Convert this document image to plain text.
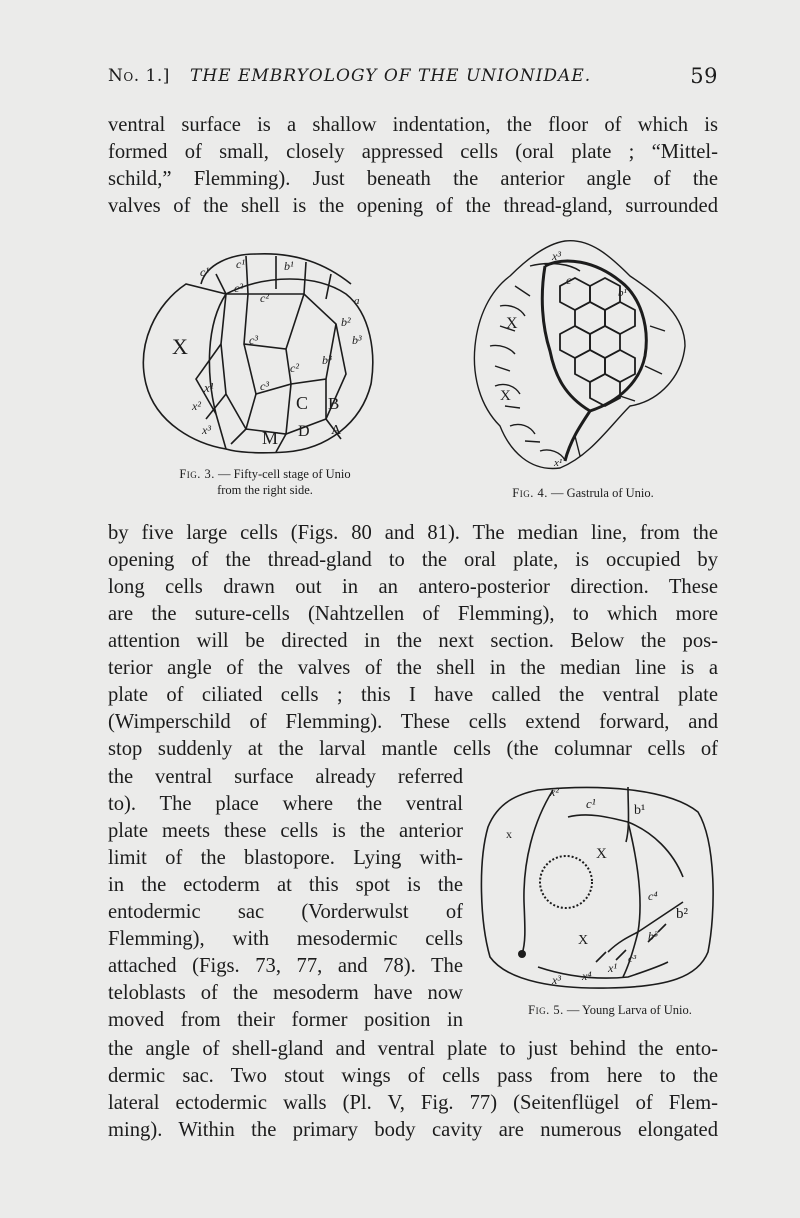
No. 1.] THE EMBRYOLOGY OF THE UNIONIDAE.	59

ventral surface is a shallow indentation, the floor of which is
formed of small, closely appressed cells (oral plate ; “Mittel-
schild,” Flemming). Just beneath the anterior angle of the
valves of the shell is the opening of the thread-gland, surrounded

X
c¹
c¹	b¹
c²
c²
b²
c³
c²
b³
b³
x¹
x²
x³
c³
C B
M D A
a
Fig. 3. — Fifty-cell stage of Unio
from the right side.
x³
X
X
c
b¹
x¹
Fig. 4. — Gastrula of Unio.

by five large cells (Figs. 80 and 81). The median line, from the
opening of the thread-gland to the oral plate, is occupied by
long cells drawn out in an antero-posterior direction. These
are the suture-cells (Nahtzellen of Flemming), to which more
attention will be directed in the next section. Below the pos-
terior angle of the valves of the shell in the median line is a
plate of ciliated cells ; this I have called the ventral plate
(Wimperschild of Flemming). These cells extend forward, and
stop suddenly at the larval mantle cells (the columnar cells of

the ventral surface already referred
to). The place where the ventral
plate meets these cells is the anterior
limit of the blastopore. Lying with-
in the ectoderm at this spot is the
entodermic sac (Vorderwulst of
Flemming), with mesodermic cells
attached (Figs. 73, 77, and 78). The
teloblasts of the mesoderm have now
moved from their former position in

x²
c¹	b¹
x
X
c⁴
b²
X	b³
c³
x³ x⁴
x¹
Fig. 5. — Young Larva of Unio.

the angle of shell-gland and ventral plate to just behind the ento-
dermic sac. Two stout wings of cells pass from here to the
lateral ectodermic walls (Pl. V, Fig. 77) (Seitenflügel of Flem-
ming). Within the primary body cavity are numerous elongated
